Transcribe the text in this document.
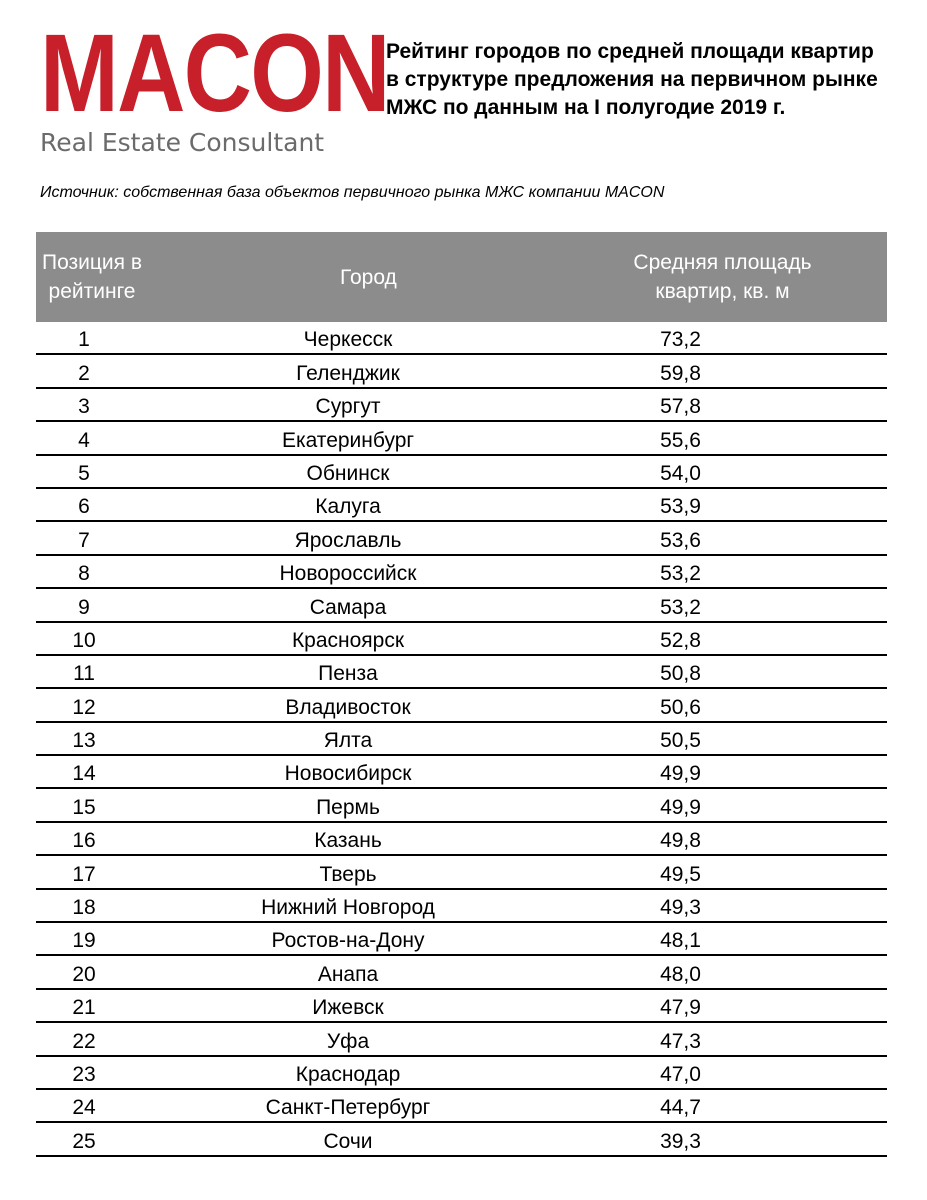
MACON
Real Estate Consultant
Рейтинг городов по средней площади квартир в структуре предложения на первичном рынке МЖС по данным на I полугодие 2019 г.
Источник: собственная база объектов первичного рынка МЖС компании MACON
Позиция в рейтинге	Город	Средняя площадь квартир, кв. м
1	Черкесск	73,2
2	Геленджик	59,8
3	Сургут	57,8
4	Екатеринбург	55,6
5	Обнинск	54,0
6	Калуга	53,9
7	Ярославль	53,6
8	Новороссийск	53,2
9	Самара	53,2
10	Красноярск	52,8
11	Пенза	50,8
12	Владивосток	50,6
13	Ялта	50,5
14	Новосибирск	49,9
15	Пермь	49,9
16	Казань	49,8
17	Тверь	49,5
18	Нижний Новгород	49,3
19	Ростов-на-Дону	48,1
20	Анапа	48,0
21	Ижевск	47,9
22	Уфа	47,3
23	Краснодар	47,0
24	Санкт-Петербург	44,7
25	Сочи	39,3
